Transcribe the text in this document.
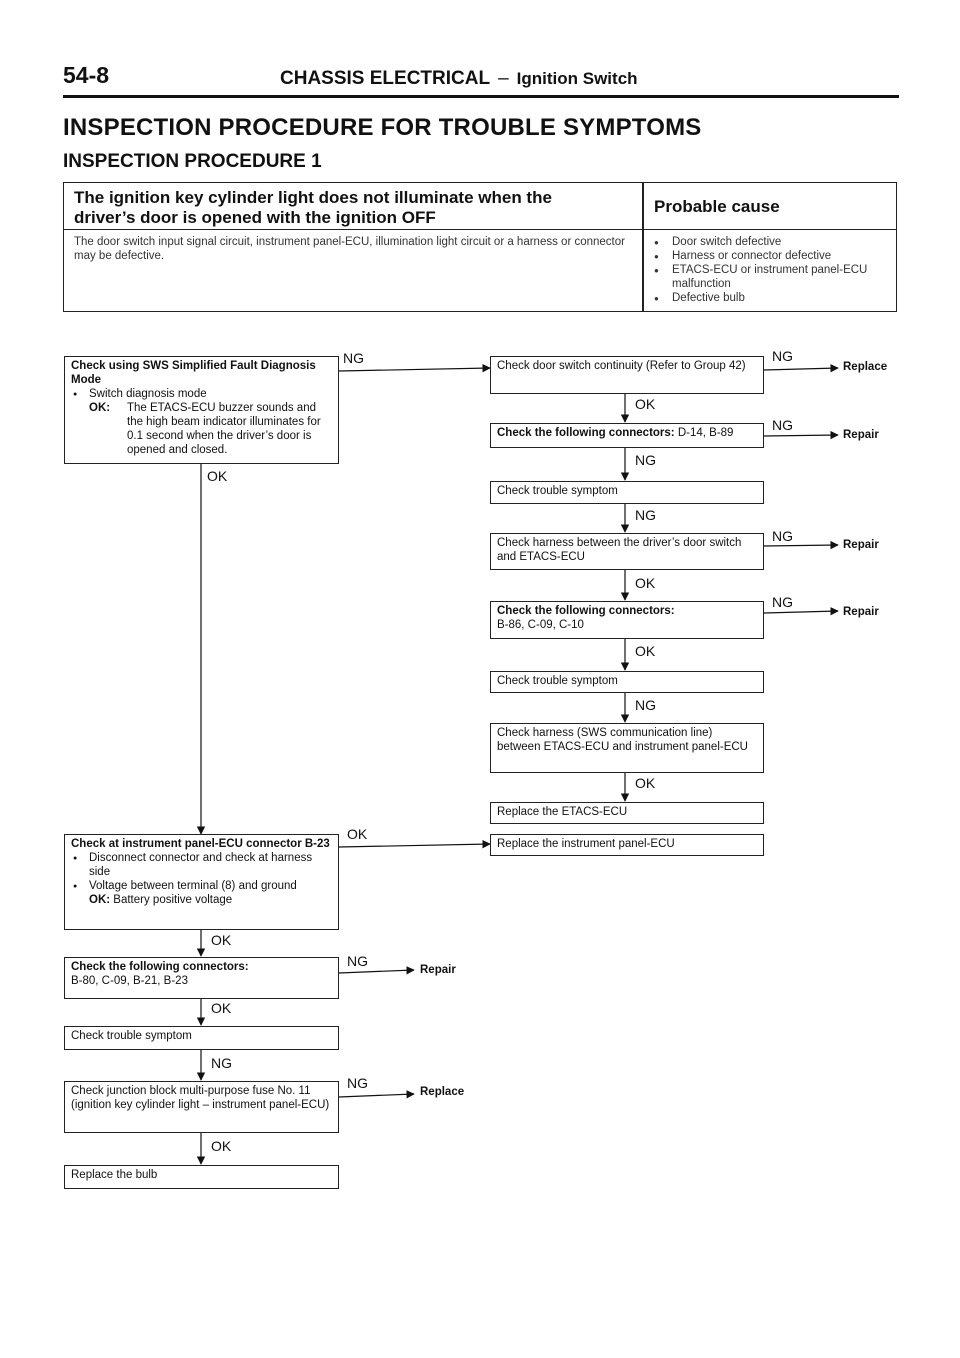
54-8	CHASSIS ELECTRICAL – Ignition Switch
INSPECTION PROCEDURE FOR TROUBLE SYMPTOMS
INSPECTION PROCEDURE 1
The ignition key cylinder light does not illuminate when the
driver’s door is opened with the ignition OFF
Probable cause
The door switch input signal circuit, instrument panel-ECU, illumination light circuit or a harness or connector may be defective.
● Door switch defective
● Harness or connector defective
● ETACS-ECU or instrument panel-ECU malfunction
● Defective bulb
Check using SWS Simplified Fault Diagnosis Mode
● Switch diagnosis mode
OK:	The ETACS-ECU buzzer sounds and the high beam indicator illuminates for 0.1 second when the driver’s door is opened and closed.
Check at instrument panel-ECU connector B-23
● Disconnect connector and check at harness side
● Voltage between terminal (8) and ground
OK: Battery positive voltage
Check the following connectors:
B-80, C-09, B-21, B-23
Check trouble symptom
Check junction block multi-purpose fuse No. 11 (ignition key cylinder light – instrument panel-ECU)
Replace the bulb
Check door switch continuity (Refer to Group 42)
Check the following connectors: D-14, B-89
Check trouble symptom
Check harness between the driver’s door switch and ETACS-ECU
Check the following connectors:
B-86, C-09, C-10
Check trouble symptom
Check harness (SWS communication line) between ETACS-ECU and instrument panel-ECU
Replace the ETACS-ECU
Replace the instrument panel-ECU
NG
OK
OK
OK
NG
OK
NG
NG
OK
OK
NG
NG
OK
OK
NG
OK
NG
NG
NG
NG
Replace
Repair
Repair
Repair
Repair
Replace
